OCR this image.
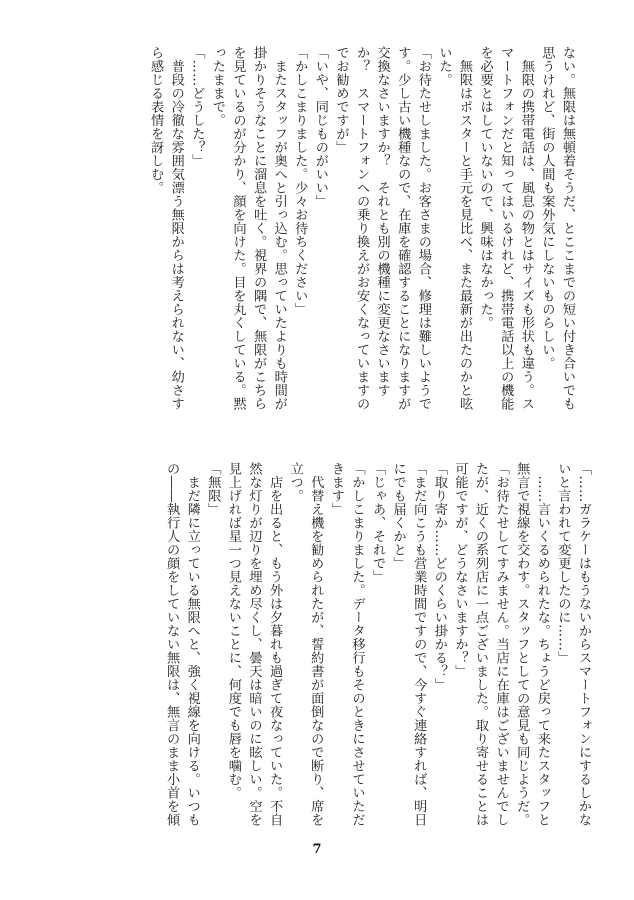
ない。無限は無頓着そうだ、とここまでの短い付き合いでも
思うけれど、街の人間も案外気にしないものらしい。
　無限の携帯電話は、風息の物とはサイズも形状も違う。ス
マートフォンだと知ってはいるけれど、携帯電話以上の機能
を必要とはしていないので、興味はなかった。
　無限はポスターと手元を見比べ、また最新が出たのかと呟
いた。
「お待たせしました。お客さまの場合、修理は難しいようで
す。少し古い機種なので、在庫を確認することになりますが
交換なさいますか？　それとも別の機種に変更なさいます
か？　スマートフォンへの乗り換えがお安くなっていますの
でお勧めですが」
「いや、同じものがいい」
「かしこまりました。少々お待ちください」
　またスタッフが奥へと引っ込む。思っていたよりも時間が
掛かりそうなことに溜息を吐く。視界の隅で、無限がこちら
を見ているのが分かり、顔を向けた。目を丸くしている。黙
ったままで。
「……どうした？」
　普段の冷徹な雰囲気漂う無限からは考えられない、幼さす
ら感じる表情を訝しむ。
「……ガラケーはもうないからスマートフォンにするしかな
いと言われて変更したのに……」
　……言いくるめられたな。ちょうど戻って来たスタッフと
無言で視線を交わす。スタッフとしての意見も同じようだ。
「お待たせしてすみません。当店に在庫はございませんでし
たが、近くの系列店に一点ございました。取り寄せることは
可能ですが、どうなさいますか？」
「取り寄か……どのくらい掛かる？」
「まだ向こうも営業時間ですので、今すぐ連絡すれば、明日
にでも届くかと」
「じゃあ、それで」
「かしこまりました。データ移行もそのときにさせていただ
きます」
　代替え機を勧められたが、誓約書が面倒なので断り、席を
立つ。
　店を出ると、もう外は夕暮れも過ぎて夜なっていた。不自
然な灯りが辺りを埋め尽くし、曇天は暗いのに眩しい。空を
見上げれば星一つ見えないことに、何度でも唇を噛む。
「無限」
　まだ隣に立っている無限へと、強く視線を向ける。いつも
の――執行人の顔をしていない無限は、無言のまま小首を傾
7
